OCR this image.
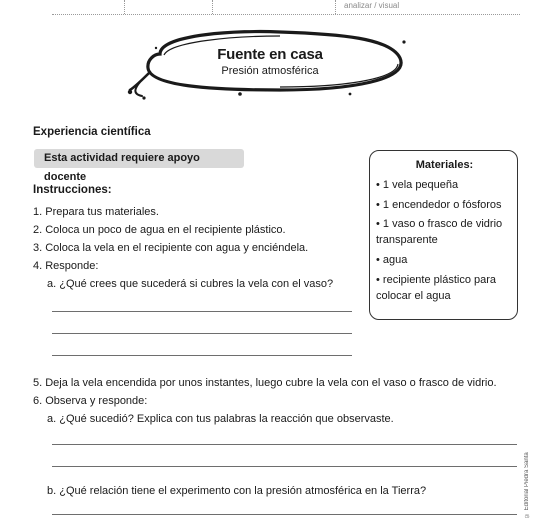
analizar / visual
Fuente en casa
Presión atmosférica
Experiencia científica
Esta actividad requiere apoyo docente
Instrucciones:
1. Prepara tus materiales.
2. Coloca un poco de agua en el recipiente plástico.
3. Coloca la vela en el recipiente con agua y enciéndela.
4. Responde:
a. ¿Qué crees que sucederá si cubres la vela con el vaso?
5. Deja la vela encendida por unos instantes, luego cubre la vela con el vaso o frasco de vidrio.
6. Observa y responde:
a. ¿Qué sucedió? Explica con tus palabras la reacción que observaste.
b. ¿Qué relación tiene el experimento con la presión atmosférica en la Tierra?
Materiales:
• 1 vela pequeña
• 1 encendedor o fósforos
• 1 vaso o frasco de vidrio transparente
• agua
• recipiente plástico para colocar el agua
© Editorial Piedra Santa
